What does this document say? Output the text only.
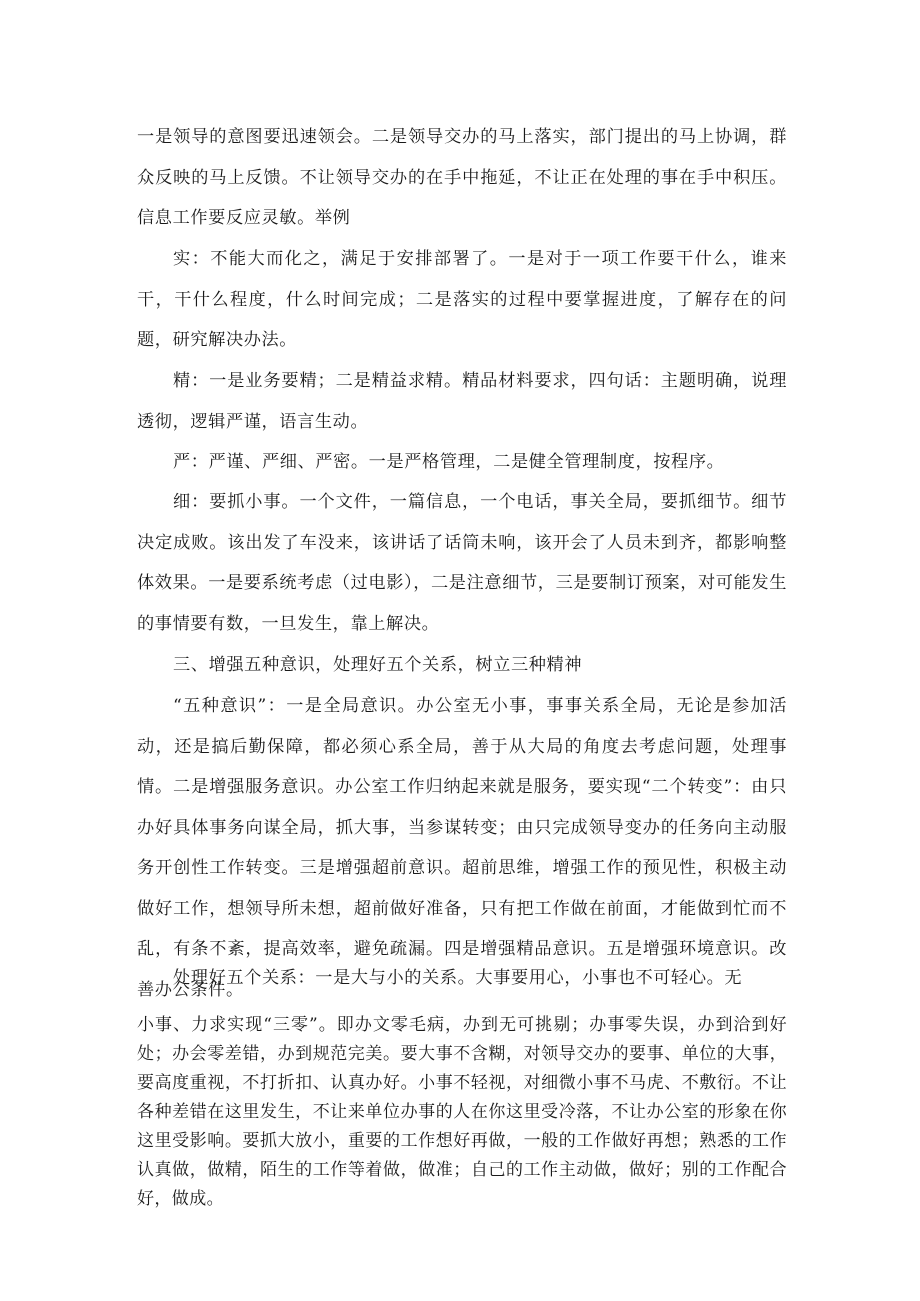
一是领导的意图要迅速领会。二是领导交办的马上落实，部门提出的马上协调，群众反映的马上反馈。不让领导交办的在手中拖延，不让正在处理的事在手中积压。信息工作要反应灵敏。举例

实：不能大而化之，满足于安排部署了。一是对于一项工作要干什么，谁来干，干什么程度，什么时间完成；二是落实的过程中要掌握进度，了解存在的问题，研究解决办法。

精：一是业务要精；二是精益求精。精品材料要求，四句话：主题明确，说理透彻，逻辑严谨，语言生动。

严：严谨、严细、严密。一是严格管理，二是健全管理制度，按程序。

细：要抓小事。一个文件，一篇信息，一个电话，事关全局，要抓细节。细节决定成败。该出发了车没来，该讲话了话筒未响，该开会了人员未到齐，都影响整体效果。一是要系统考虑（过电影），二是注意细节，三是要制订预案，对可能发生的事情要有数，一旦发生，靠上解决。

三、增强五种意识，处理好五个关系，树立三种精神

“五种意识”：一是全局意识。办公室无小事，事事关系全局，无论是参加活动，还是搞后勤保障，都必须心系全局，善于从大局的角度去考虑问题，处理事情。二是增强服务意识。办公室工作归纳起来就是服务，要实现“二个转变”：由只办好具体事务向谋全局，抓大事，当参谋转变；由只完成领导变办的任务向主动服务开创性工作转变。三是增强超前意识。超前思维，增强工作的预见性，积极主动做好工作，想领导所未想，超前做好准备，只有把工作做在前面，才能做到忙而不乱，有条不紊，提高效率，避免疏漏。四是增强精品意识。五是增强环境意识。改善办公条件。

处理好五个关系：一是大与小的关系。大事要用心，小事也不可轻心。无

小事、力求实现“三零”。即办文零毛病，办到无可挑剔；办事零失误，办到洽到好处；办会零差错，办到规范完美。要大事不含糊，对领导交办的要事、单位的大事，要高度重视，不打折扣、认真办好。小事不轻视，对细微小事不马虎、不敷衍。不让各种差错在这里发生，不让来单位办事的人在你这里受冷落，不让办公室的形象在你这里受影响。要抓大放小，重要的工作想好再做，一般的工作做好再想；熟悉的工作认真做，做精，陌生的工作等着做，做准；自己的工作主动做，做好；别的工作配合好，做成。
